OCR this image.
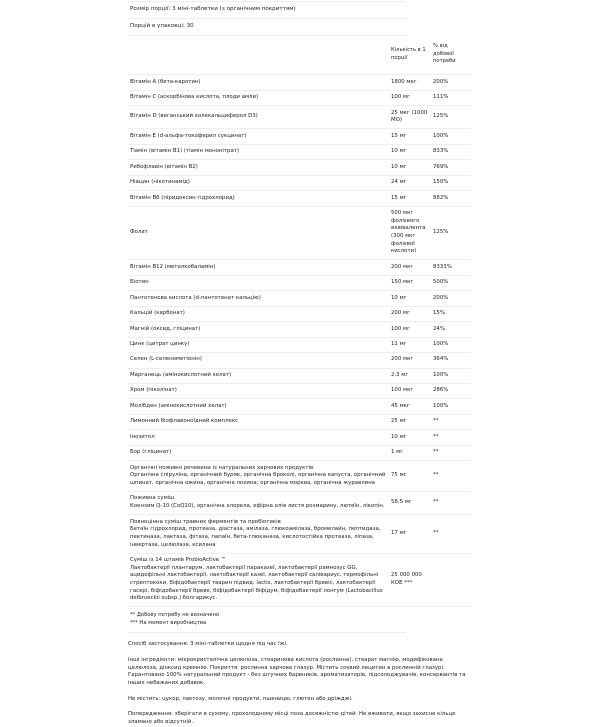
Розмір порції: 3 міні-таблетки (з органічним покриттям)
Порцій в упаковці: 30
	Кількість в 1 порції	% від добової потреби
Вітамін A (бета-каротин)	1800 мкг	200%
Вітамін C (аскорбінова кислота, плоди амли)	100 мг	111%
Вітамін D (веганський холекальциферол D3)	25 мкг (1000 МО)	125%
Вітамін E (d-альфа-токоферил сукцинат)	15 мг	100%
Тіамін (вітамін B1) (тіамін мононітрат)	10 мг	833%
Рибофлавін (вітамін B2)	10 мг	769%
Ніацин (нікотинамід)	24 мг	150%
Вітамін B6 (піридоксин гідрохлорид)	15 мг	882%
Фолат	500 мкг фолієвого еквівалента (300 мкг фолієвої кислоти)	125%
Вітамін B12 (метилкобаламін)	200 мкг	8333%
Біотин	150 мкг	500%
Пантотенова кислота (d-пантотенат кальцію)	10 мг	200%
Кальцій (карбонат)	200 мг	15%
Магній (оксид, гліцинат)	100 мг	24%
Цинк (цитрат цинку)	11 мг	100%
Селен (L-селенометіонін)	200 мкг	364%
Марганець (амінокислотний хелат)	2,3 мг	100%
Хром (піколінат)	100 мкг	286%
Молібден (амінокислотний хелат)	45 мкг	100%
Лимонний біофлавоноїдний комплекс	25 мг	**
Інозитол	10 мг	**
Бор (гліцинат)	1 мг	**

Органічні поживні речовини із натуральних харчових продуктів
Органічна спіруліна, органічний буряк, органічна броколі, органічна капуста, органічний шпинат, органічна ожина, органічна лохина, органічна морква, органічна журавлина	75 мг	**

Поживна суміш
Коензим Q-10 (CoQ10), органічна хлорела, ефірна олія листя розмарину, лютеїн, лікопін.	58,5 мг	**

Повноцінна суміш травних ферментів та пробіотиків
Бетаїн гідрохлорид, протеаза, діастаза, амілаза, глюкоамілаза, бромелайн, пептидаза, пектиназа, лактаза, фітаза, папаїн, бета-глюканаза, кислотостійка протеаза, ліпаза, інвертаза, целюлаза, ксилана	17 мг	**

Суміш із 14 штамів ProbioActive ™
Лактобактерії плантарум, лактобактерії параказеї, лактобактерії рамнозус GG, ацидофільні лактобактерії, лактобактерії казеї, лактобактерії салівариус, термофільні стрептококи, біфідобактерії тварин підвид. lactis, лактобактерії бревіс, лактобактерії гасері, біфідобактерії бреве, біфідобактерії біфідум, біфідобактерії лонгум (Lactobacillus delbrueckii subsp.) болгарикус.	25 000 000 КОЕ ***	
** Добову потребу не визначено
*** На момент виробництва
Спосіб застосування: 3 міні-таблетки щодня під час їжі.
Інші інгредієнти: мікрокристалічна целюлоза, стеаринова кислота (рослинна), стеарат магнію, модифікована целюлоза, діоксид кремнію. Покриття: рослинна харчова глазур. Містить соєвий лецитин в рослинній глазурі. Гарантовано 100% натуральний продукт - без штучних барвників, ароматизаторів, підсолоджувачів, консервантів та інших небажаних добавок.
Не містить: цукор, лактозу, молочні продукти, пшеницю, глютен або дріжджі.
Попередження: зберігати в сухому, прохолодному місці поза досяжністю дітей. Не вживати, якщо захисне кільце зламано або відсутній.
